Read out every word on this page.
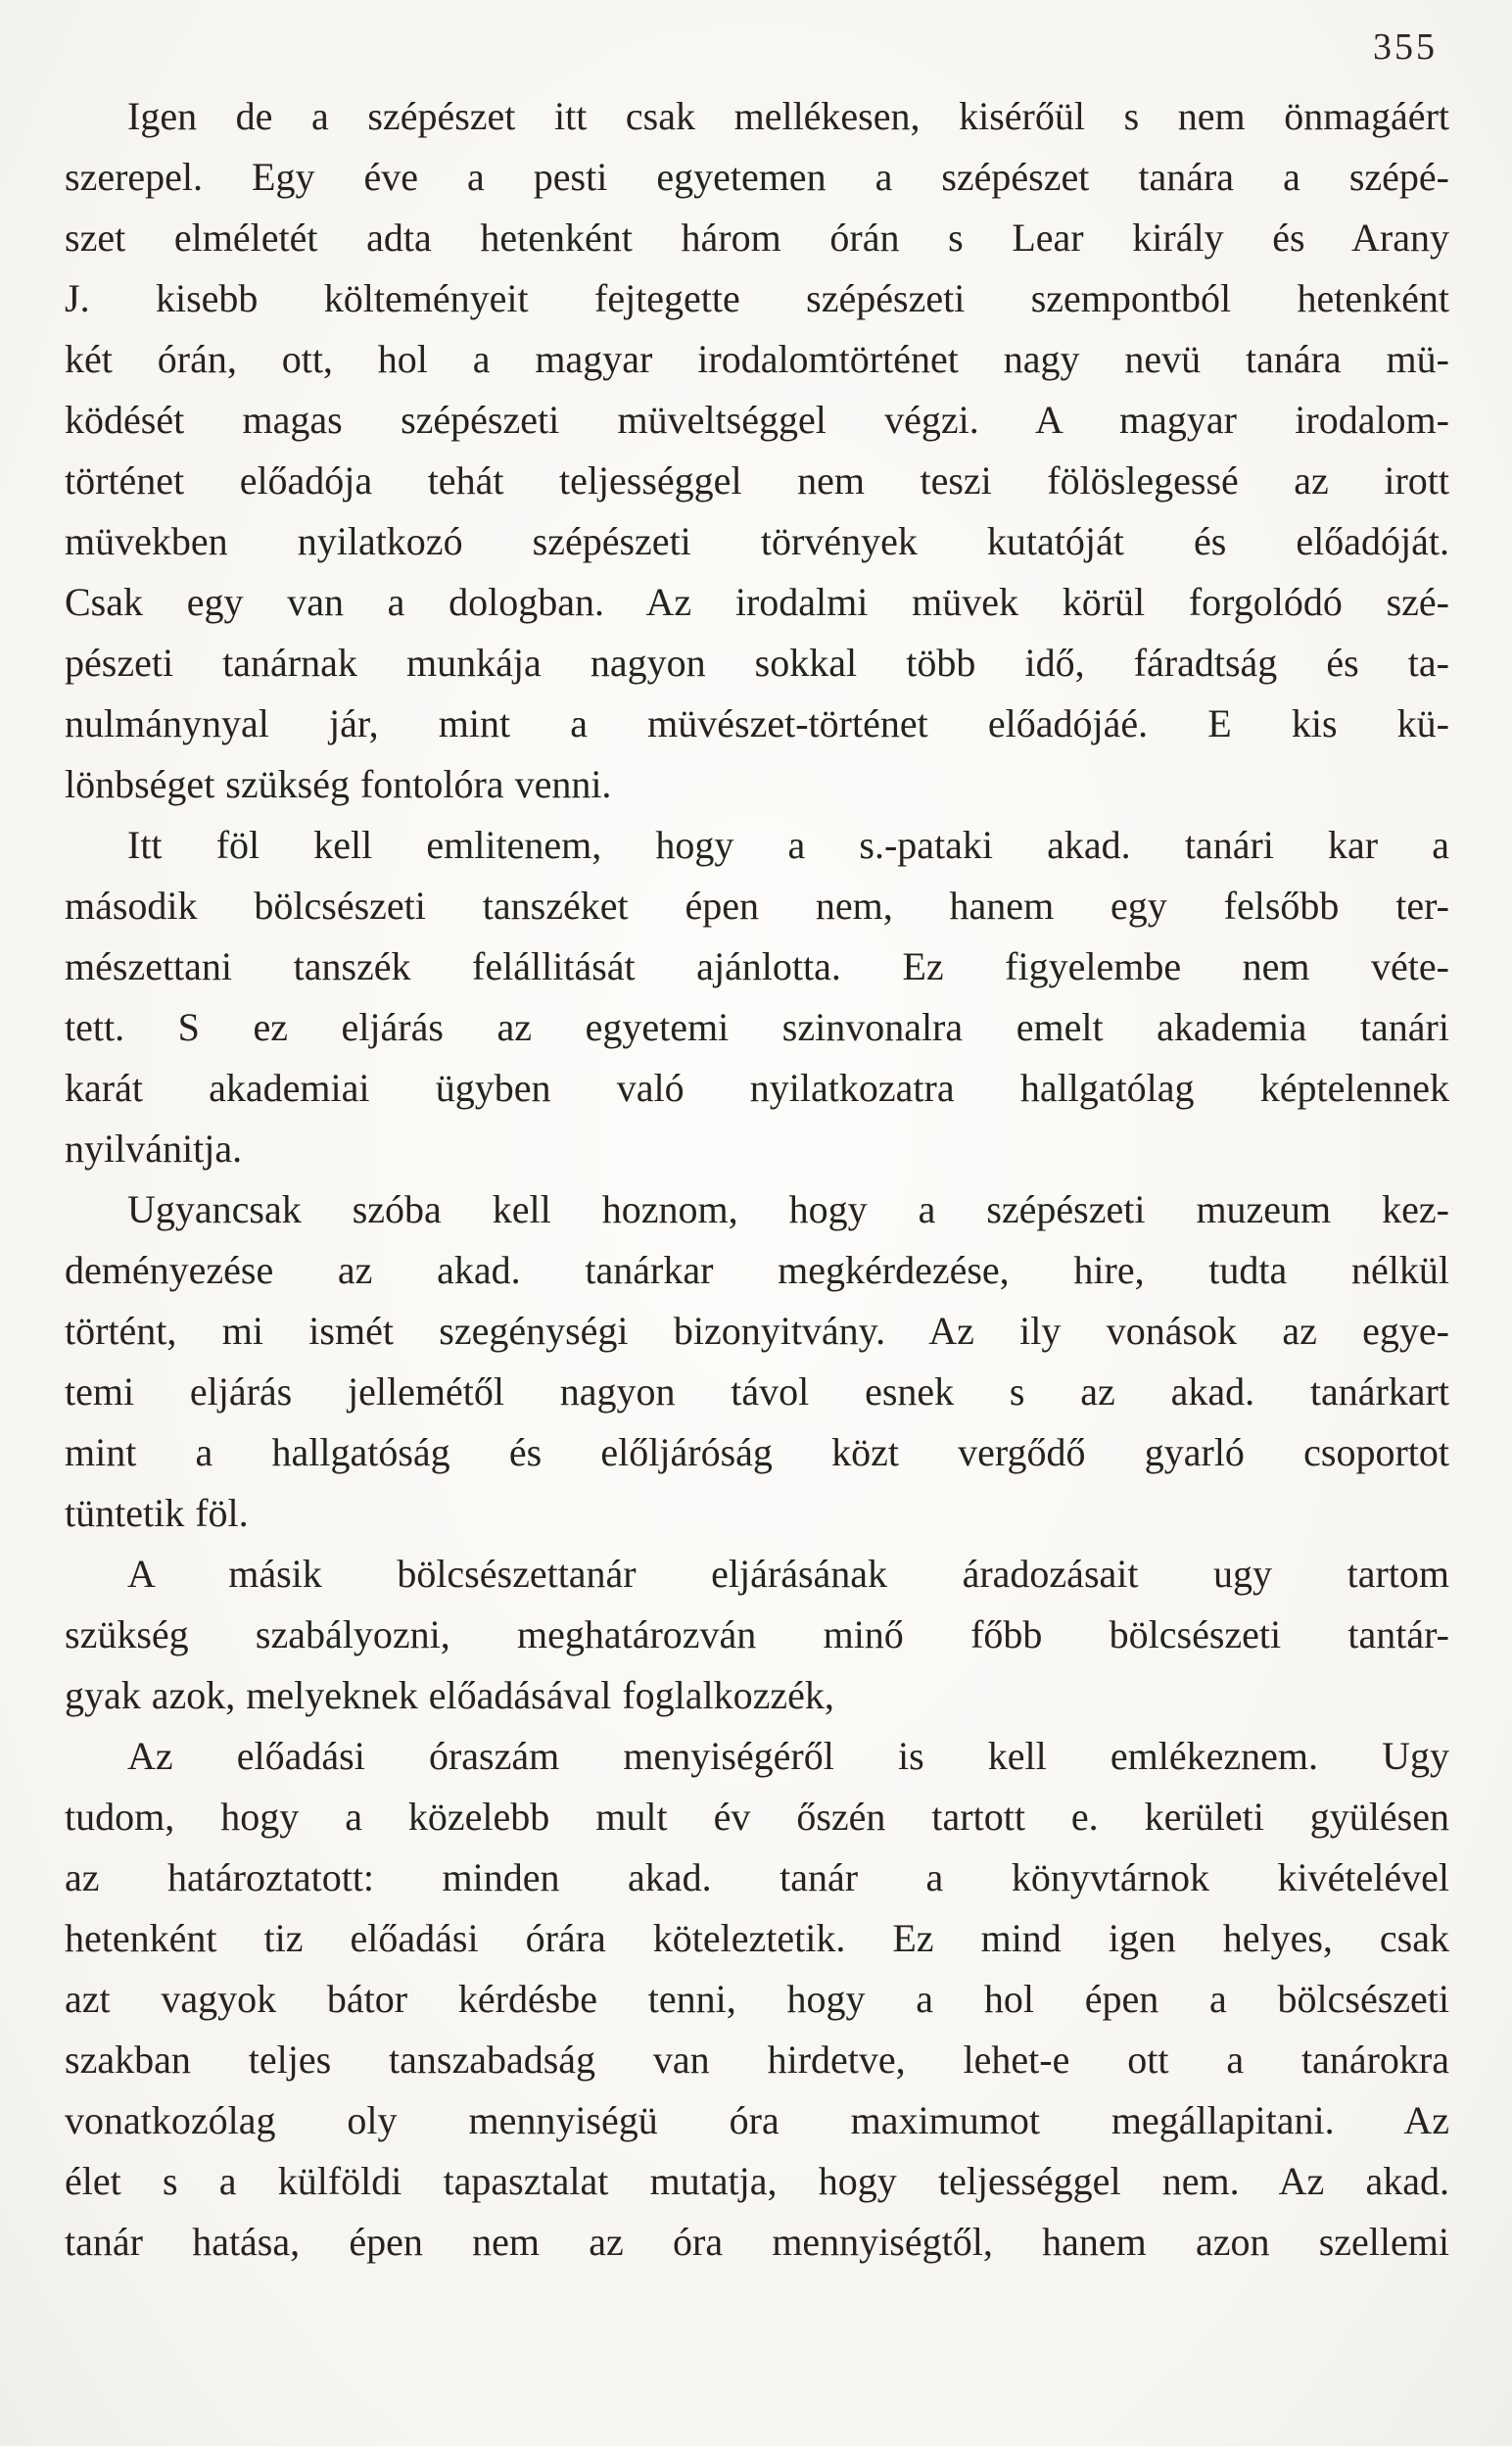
355
Igen de a szépészet itt csak mellékesen, kisérőül s nem önmagáért
szerepel. Egy éve a pesti egyetemen a szépészet tanára a szépé-
szet elméletét adta hetenként három órán s Lear király és Arany
J. kisebb költeményeit fejtegette szépészeti szempontból hetenként
két órán, ott, hol a magyar irodalomtörténet nagy nevü tanára mü-
ködését magas szépészeti müveltséggel végzi. A magyar irodalom-
történet előadója tehát teljességgel nem teszi fölöslegessé az irott
müvekben nyilatkozó szépészeti törvények kutatóját és előadóját.
Csak egy van a dologban. Az irodalmi müvek körül forgolódó szé-
pészeti tanárnak munkája nagyon sokkal több idő, fáradtság és ta-
nulmánynyal jár, mint a müvészet-történet előadójáé. E kis kü-
lönbséget szükség fontolóra venni.
Itt föl kell emlitenem, hogy a s.-pataki akad. tanári kar a
második bölcsészeti tanszéket épen nem, hanem egy felsőbb ter-
mészettani tanszék felállitását ajánlotta. Ez figyelembe nem véte-
tett. S ez eljárás az egyetemi szinvonalra emelt akademia tanári
karát akademiai ügyben való nyilatkozatra hallgatólag képtelennek
nyilvánitja.
Ugyancsak szóba kell hoznom, hogy a szépészeti muzeum kez-
deményezése az akad. tanárkar megkérdezése, hire, tudta nélkül
történt, mi ismét szegénységi bizonyitvány. Az ily vonások az egye-
temi eljárás jellemétől nagyon távol esnek s az akad. tanárkart
mint a hallgatóság és előljáróság közt vergődő gyarló csoportot
tüntetik föl.
A másik bölcsészettanár eljárásának áradozásait ugy tartom
szükség szabályozni, meghatározván minő főbb bölcsészeti tantár-
gyak azok, melyeknek előadásával foglalkozzék,
Az előadási óraszám menyiségéről is kell emlékeznem. Ugy
tudom, hogy a közelebb mult év őszén tartott e. kerületi gyülésen
az határoztatott: minden akad. tanár a könyvtárnok kivételével
hetenként tiz előadási órára köteleztetik. Ez mind igen helyes, csak
azt vagyok bátor kérdésbe tenni, hogy a hol épen a bölcsészeti
szakban teljes tanszabadság van hirdetve, lehet-e ott a tanárokra
vonatkozólag oly mennyiségü óra maximumot megállapitani. Az
élet s a külföldi tapasztalat mutatja, hogy teljességgel nem. Az akad.
tanár hatása, épen nem az óra mennyiségtől, hanem azon szellemi
